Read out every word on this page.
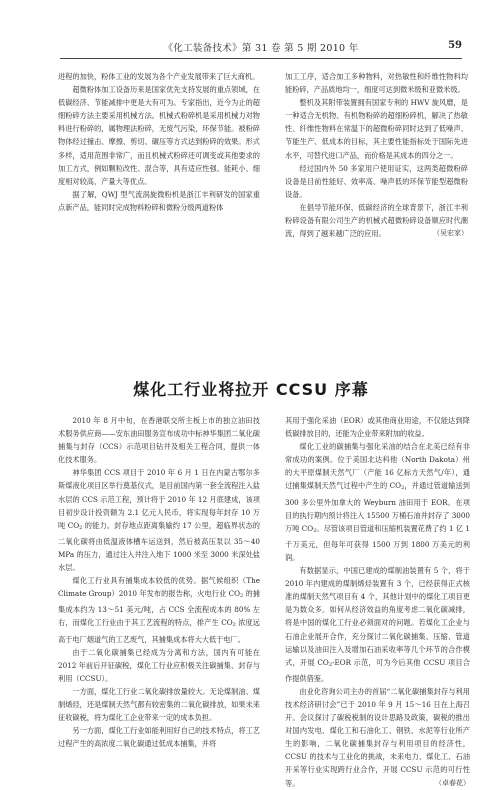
《化工装备技术》第 31 卷 第 5 期 2010 年	59

进程的加快，粉体工业的发展为各个产业发展带来了巨大商机。

超微粉体加工设备历来是国家优先支持发展的重点领域，在低碳经济、节能减排中更是大有可为。专家指出，近今为止的超细粉碎方法主要采用机械方法。机械式粉碎机是采用机械力对物料进行粉碎的，属物理法粉碎，无废气污染，环保节能。被粉碎物体经过撞击、摩擦、剪切、碾压等方式达到粉碎的效果。形式多样，适用范围非常广，而且机械式粉碎还可调变或其他要求的加工方式，例如颗粒改性、混合等，具有适应性强、能耗小、细度相对较高、产量大等优点。

据了解，QWJ 型气流涡旋微粉机是浙江丰利研发的国家重点新产品，能同时完成物料粉碎和微粉分级两道粉体

加工工序，适合加工多种物料，对热敏性和纤维性物料均能粉碎，产品质地均一，细度可达到微米级和亚微米级。

整机及其附带装置拥有国家专利的 HWV 旋风磨，是一种适合无机物、有机物粉碎的超细粉碎机，解决了热敏性、纤维性物料在常温下的超微粉碎同时达到了低噪声、节能生产、低成本的目标，其主要性能指标处于国际先进水平，可替代进口产品，而价格是其成本的四分之一。

经过国内外 50 多家用户使用证实，这两类超微粉碎设备是目前性能好、效率高、噪声低的环保节能型超微粉设备。

在倡导节能环保、低碳经济的全球背景下，浙江丰利粉碎设备有限公司生产的机械式超微粉碎设备顺应时代潮流，得到了越来越广泛的应用。	（吴宏家）

煤化工行业将拉开 CCSU 序幕

2010 年 8 月中旬，在香港联交所主板上市的独立油田技术服务供应商——安东油田服务宣布成功中标神华集团二氧化碳捕集与封存（CCS）示范项目钻井及相关工程合同，提供一体化技术服务。

神华集团 CCS 项目于 2010 年 6 月 1 日在内蒙古鄂尔多斯煤液化项目区举行奠基仪式，是目前国内第一套全流程注入盐水层的 CCS 示范工程，预计将于 2010 年 12 月底建成，该项目初步设计投资额为 2.1 亿元人民币，将实现每年封存 10 万吨 $CO_2$ 的能力。封存地点距离集输约 17 公里，超临界状态的二氧化碳将由低温液体槽车运送到，然后被高压泵以 35～40 MPa 的压力，通过注入井注入地下 1000 米至 3000 米深处盐水层。

煤化工行业具有捕集成本较低的优势。据气候组织（The Climate Group）2010 年发布的报告称，火电行业 $CO_2$ 的捕集成本约为 13～51 美元/吨，占 CCS 全流程成本的 80% 左右，而煤化工行业由于其工艺流程的特点，排产生 $CO_2$ 浓度远高于电厂烟道气的工艺废气，其捕集成本将大大低于电厂。

由于二氧化碳捕集已经成为分离和方法，国内有可能在 2012 年前后开征碳税，煤化工行业应积极关注碳捕集、封存与利用（CCSU）。

一方面，煤化工行业二氧化碳排放量较大。无论煤制油、煤制烯烃，还是煤制天然气都有较密集的二氧化碳排放，如果未来征收碳税，将为煤化工企业带来一定的成本负担。

另一方面，煤化工行业如能利用好自己的技术特点，将工艺过程产生的高浓度二氧化碳通过低成本捕集，并将

其用于强化采油（EOR）或其他商业用途，不仅能达到降低碳排放目的，还能为企业带来附加的收益。

煤化工业的碳捕集与强化采油的结合在北美已经有非常成功的案例。位于美国北达科他（North Dakota）州的大平原煤制天然气厂（产能 16 亿标方天然气/年），通过捕集煤制天然气过程中产生的 $CO_2$，并通过管道输送到 300 多公里外加拿大的 Weyburn 油田用于 EOR。在项目的执行期内预计将注入 15500 万桶石油并封存了 3000 万吨 $CO_2$。尽管该项目管道和压缩机装置花费了约 1 亿 1 千万美元，但每年可获得 1500 万到 1800 万美元的利润。

有数据显示，中国已建成的煤制油装置有 5 个，将于 2010 年内建成的煤制烯烃装置有 3 个，已经获得正式核准的煤制天然气项目有 4 个，其他计划中的煤化工项目更是为数众多。如何从经济效益的角度考虑二氧化碳减排，将是中国的煤化工行业必须面对的问题。若煤化工企业与石油企业展开合作，充分探讨二氧化碳捕集、压缩、管道运输以及油田注入及增加石油采收率等几个环节的合作模式，开展 $CO_2$-EOR 示范，可为今后其他 CCSU 项目合作提供借鉴。

由业化咨询公司主办的首届“二氧化碳捕集封存与利用技术经济研讨会”已于 2010 年 9 月 15～16 日在上海召开。会议探讨了碳税税制的设计思路及政策，碳税的推出对国内发电、煤化工和石油化工、钢铁、水泥等行业所产生的影响，二氧化碳捕集封存与利用项目的经济性，CCSU 的技术与工业化的挑战，未来电力、煤化工、石油开采等行业实现跨行业合作，开展 CCSU 示范的可行性等。	（卓春花）
